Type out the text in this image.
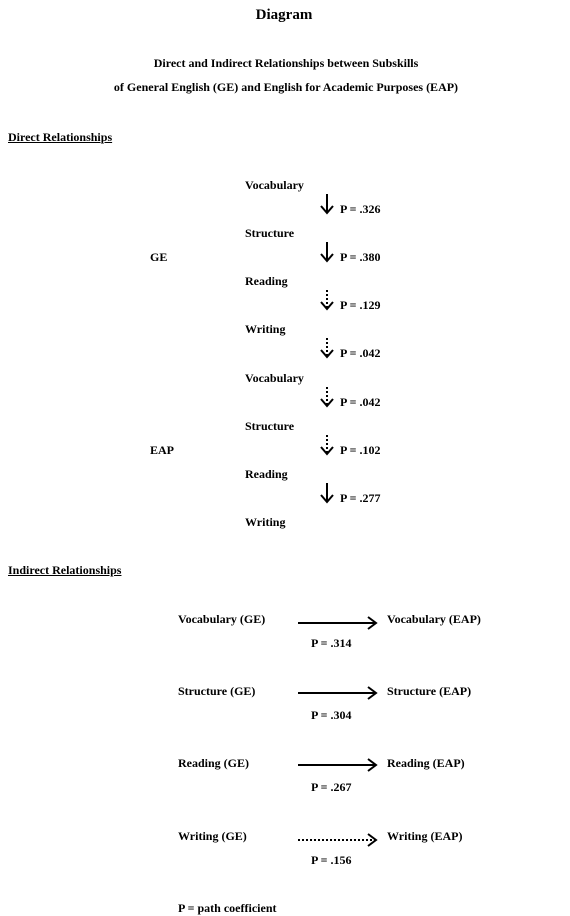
Diagram
Direct and Indirect Relationships between Subskills
of General English (GE) and English for Academic Purposes (EAP)
Direct Relationships
Indirect Relationships
GE
Vocabulary
Structure
Reading
Writing
EAP
Vocabulary
Structure
Reading
Writing
P = .326
P = .380
P = .129
P = .042
P = .042
P = .102
P = .277
Vocabulary (GE)	Vocabulary (EAP)
P = .314
Structure (GE)	Structure (EAP)
P = .304
Reading (GE)	Reading (EAP)
P = .267
Writing (GE)	Writing (EAP)
P = .156
P = path coefficient
